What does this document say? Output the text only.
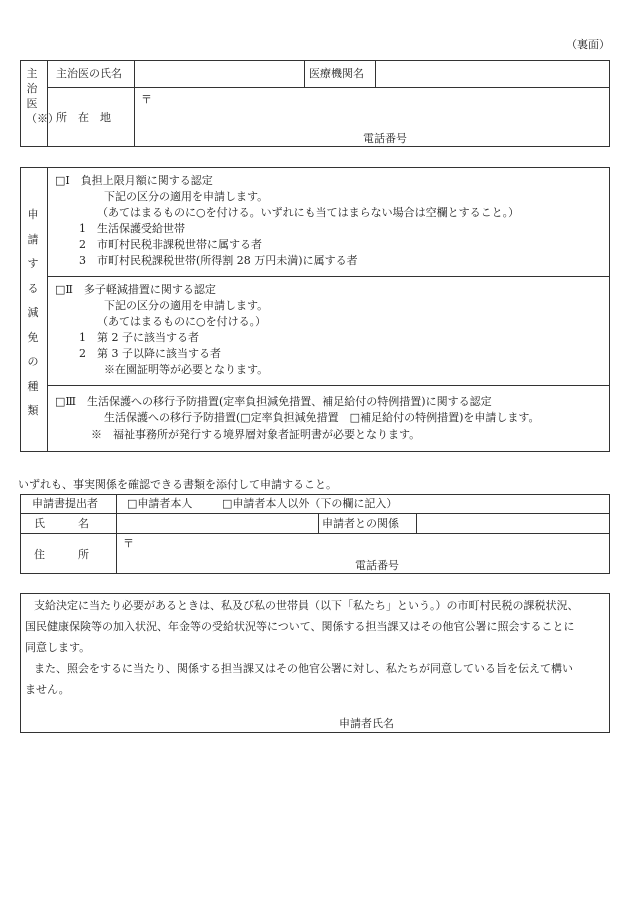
（裏面）
主治医（※）
主治医の氏名	医療機関名
所　在　地
〒
電話番号
申請する減免の種類
□Ⅰ　負担上限月額に関する認定
下記の区分の適用を申請します。
（あてはまるものに○を付ける。いずれにも当てはまらない場合は空欄とすること。）
1　生活保護受給世帯
2　市町村民税非課税世帯に属する者
3　市町村民税課税世帯(所得割 28 万円未満)に属する者
□Ⅱ　多子軽減措置に関する認定
下記の区分の適用を申請します。
（あてはまるものに○を付ける。）
1　第 2 子に該当する者
2　第 3 子以降に該当する者
※在園証明等が必要となります。
□Ⅲ　生活保護への移行予防措置(定率負担減免措置、補足給付の特例措置)に関する認定
生活保護への移行予防措置(□定率負担減免措置　□補足給付の特例措置)を申請します。
※　福祉事務所が発行する境界層対象者証明書が必要となります。
いずれも、事実関係を確認できる書類を添付して申請すること。
申請書提出者	□申請者本人	□申請者本人以外（下の欄に記入）
氏　　　名	申請者との関係
住　　　所
〒
電話番号
支給決定に当たり必要があるときは、私及び私の世帯員（以下「私たち」という。）の市町村民税の課税状況、
国民健康保険等の加入状況、年金等の受給状況等について、関係する担当課又はその他官公署に照会することに
同意します。
また、照会をするに当たり、関係する担当課又はその他官公署に対し、私たちが同意している旨を伝えて構い
ません。
申請者氏名
